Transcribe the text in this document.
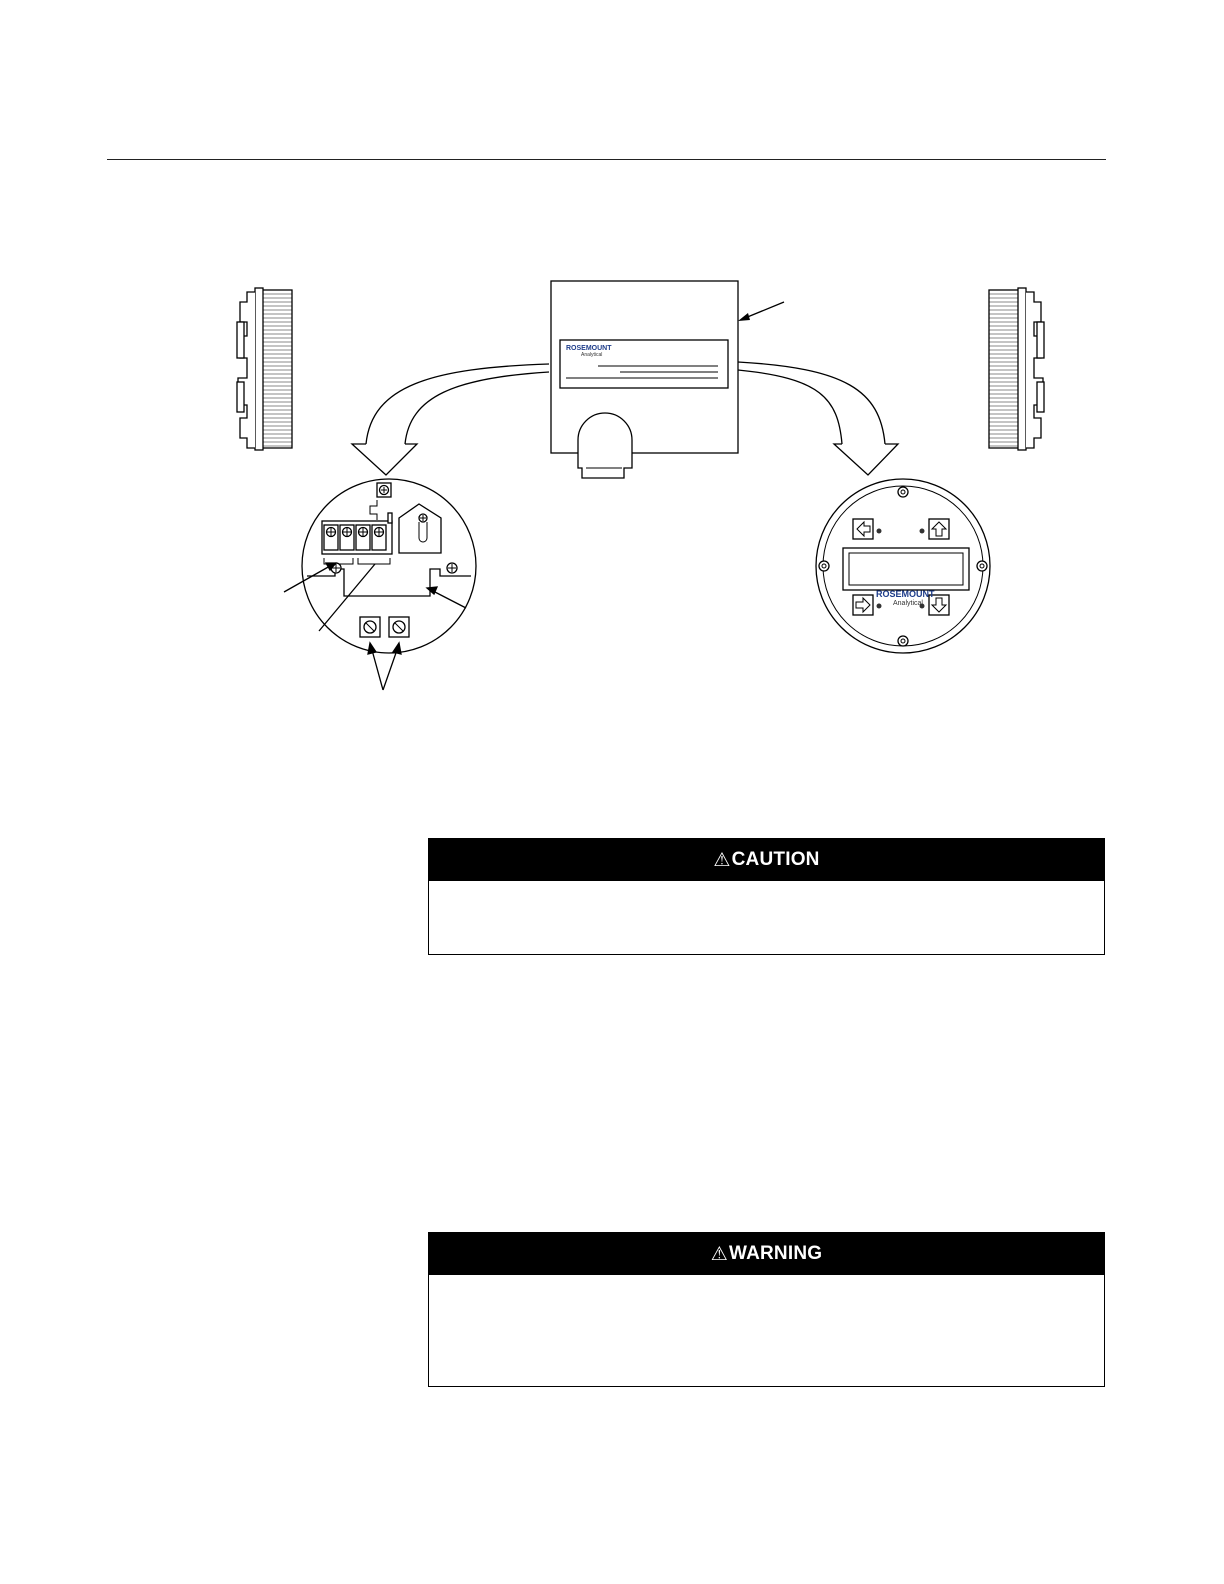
ROSEMOUNT
Analytical
ROSEMOUNT
Analytical
⚠ CAUTION
⚠ WARNING
